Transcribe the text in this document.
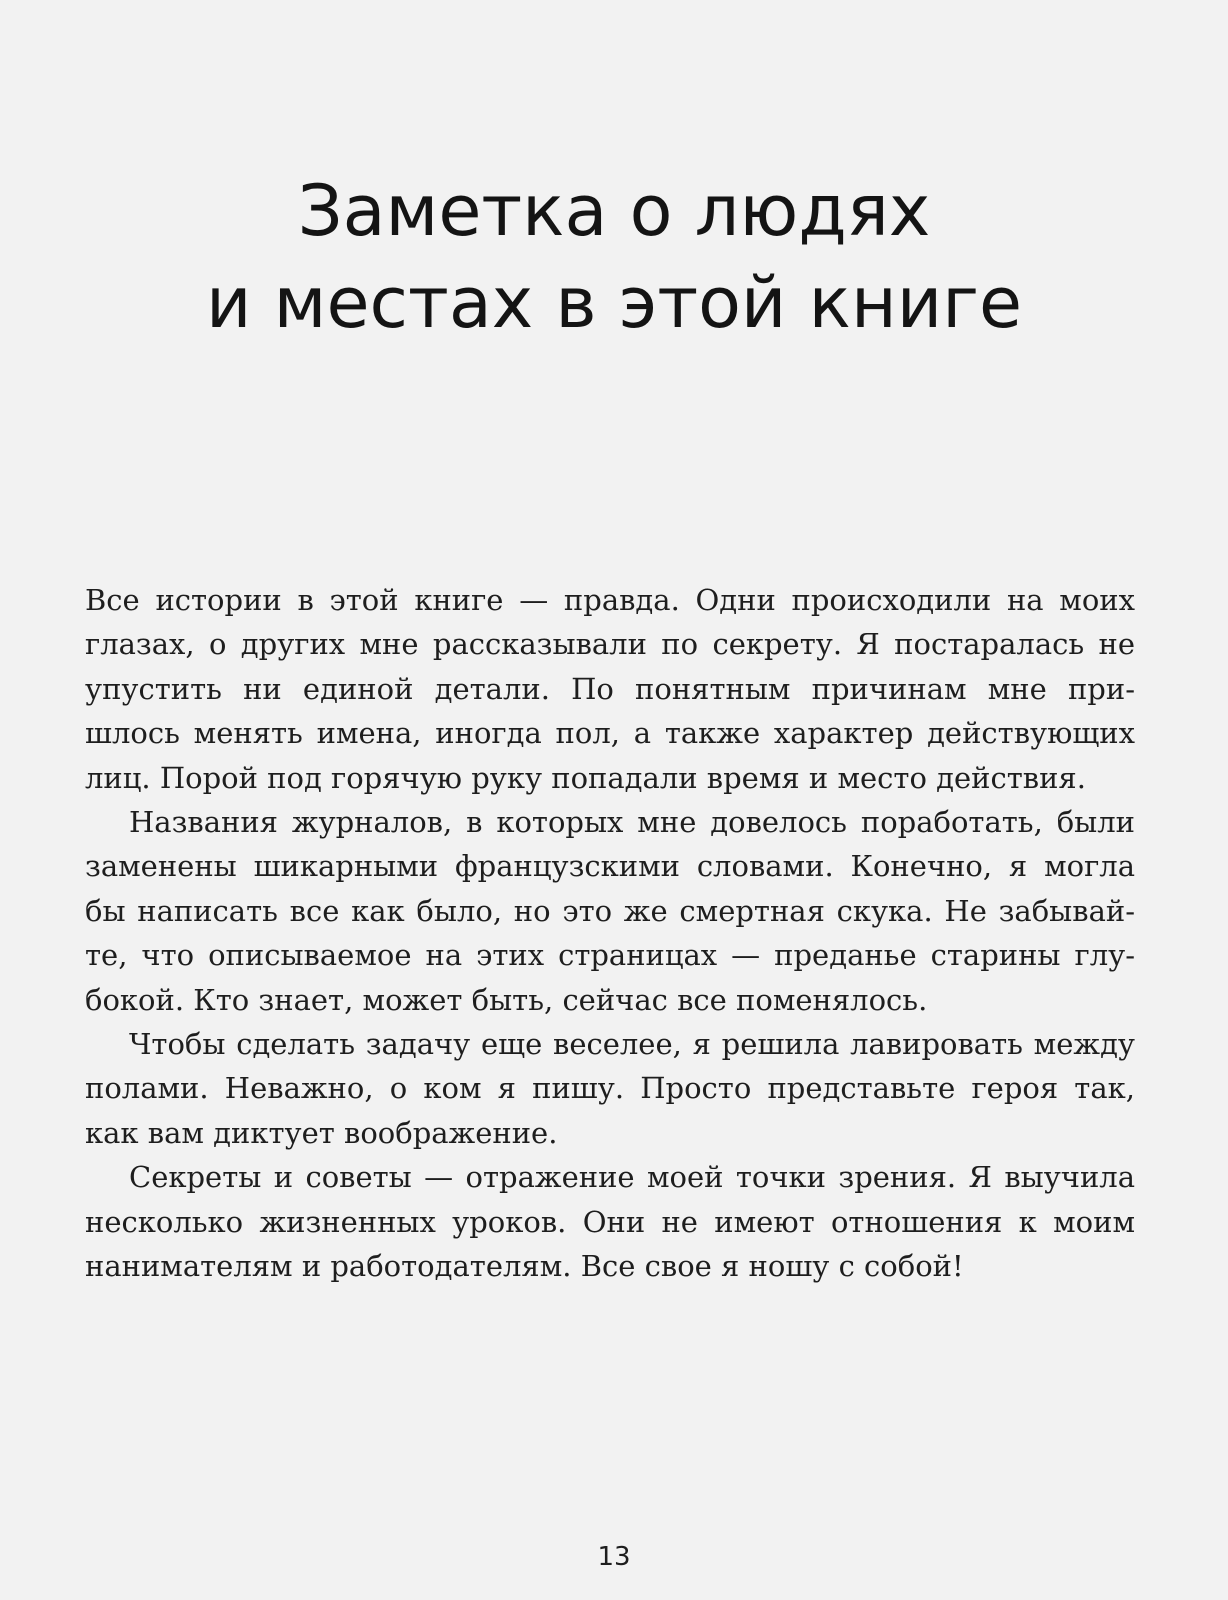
Заметка о людях
и местах в этой книге
Все истории в этой книге — правда. Одни происходили на моих
глазах, о других мне рассказывали по секрету. Я постаралась не
упустить ни единой детали. По понятным причинам мне при-
шлось менять имена, иногда пол, а также характер действующих
лиц. Порой под горячую руку попадали время и место действия.
Названия журналов, в которых мне довелось поработать, были
заменены шикарными французскими словами. Конечно, я могла
бы написать все как было, но это же смертная скука. Не забывай-
те, что описываемое на этих страницах — преданье старины глу-
бокой. Кто знает, может быть, сейчас все поменялось.
Чтобы сделать задачу еще веселее, я решила лавировать между
полами. Неважно, о ком я пишу. Просто представьте героя так,
как вам диктует воображение.
Секреты и советы — отражение моей точки зрения. Я выучила
несколько жизненных уроков. Они не имеют отношения к моим
нанимателям и работодателям. Все свое я ношу с собой!
13
